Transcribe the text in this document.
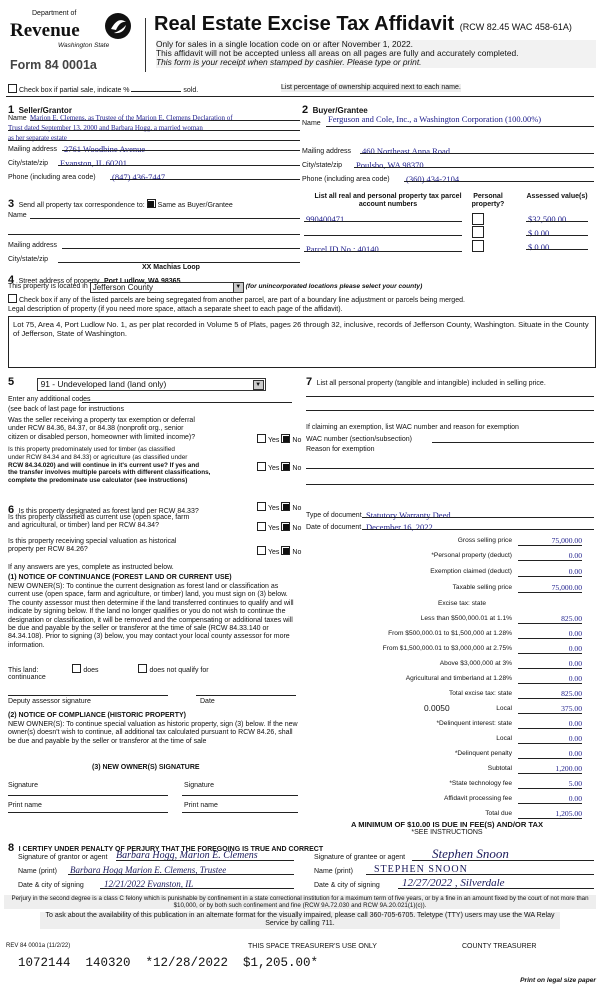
Department of
Revenue
Washington State
Form 84 0001a
Real Estate Excise Tax Affidavit (RCW 82.45 WAC 458-61A)
Only for sales in a single location code on or after November 1, 2022.
This affidavit will not be accepted unless all areas on all pages are fully and accurately completed.
This form is your receipt when stamped by cashier. Please type or print.
Check box if partial sale, indicate %	sold.	List percentage of ownership acquired next to each name.
1 Seller/Grantor
Name Marion E. Clemens, as Trustee of the Marion E. Clemens Declaration of
Trust dated September 13, 2000 and Barbara Hogg, a married woman
as her separate estate
Mailing address 2761 Woodbine Avenue
City/state/zip Evanston, IL 60201
Phone (including area code) (847) 436-7447
2 Buyer/Grantee
Name Ferguson and Cole, Inc., a Washington Corporation (100.00%)
Mailing address 460 Northeast Anna Road
City/state/zip Poulsbo, WA 98370
Phone (including area code) (360) 434-2104
3 Send all property tax correspondence to: Same as Buyer/Grantee
Name
Mailing address
City/state/zip
List all real and personal property tax parcel account numbers
Personal property?
Assessed value(s)
990400471	$32,500.00
$ 0.00
Parcel ID No.: 40140	$ 0.00
XX Machias Loop
4 Street address of property Port Ludlow, WA 98365
This property is located in Jefferson County	▼ (for unincorporated locations please select your county)
Check box if any of the listed parcels are being segregated from another parcel, are part of a boundary line adjustment or parcels being merged.
Legal description of property (if you need more space, attach a separate sheet to each page of the affidavit).
Lot 75, Area 4, Port Ludlow No. 1, as per plat recorded in Volume 5 of Plats, pages 26 through 32, inclusive, records of Jefferson County, Washington. Situate in the County of Jefferson, State of Washington.
5	91 - Undeveloped land (land only)	▼
Enter any additional codes
(see back of last page for instructions
Was the seller receiving a property tax exemption or deferral
under RCW 84.36, 84.37, or 84.38 (nonprofit org., senior
citizen or disabled person, homeowner with limited income)?	Yes No
Is this property predominately used for timber (as classified
under RCW 84.34 and 84.33) or agriculture (as classified under
RCW 84.34.020) and will continue in it's current use? If yes and
the transfer involves multiple parcels with different classifications,
complete the predominate use calculator (see instructions)
Yes No
6 Is this property designated as forest land per RCW 84.33?	Yes No
Is this property classified as current use (open space, farm
and agricultural, or timber) land per RCW 84.34?	Yes No
Is this property receiving special valuation as historical
property per RCW 84.26?	Yes No
If any answers are yes, complete as instructed below.
(1) NOTICE OF CONTINUANCE (FOREST LAND OR CURRENT USE)
NEW OWNER(S): To continue the current designation as forest land or classification as current use (open space, farm and agriculture, or timber) land, you must sign on (3) below. The county assessor must then determine if the land transferred continues to qualify and will indicate by signing below. If the land no longer qualifies or you do not wish to continue the designation or classification, it will be removed and the compensating or additional taxes will be due and payable by the seller or transferor at the time of sale (RCW 84.33.140 or 84.34.108). Prior to signing (3) below, you may contact your local county assessor for more information.
This land:	does	does not qualify for
continuance
Deputy assessor signature	Date
(2) NOTICE OF COMPLIANCE (HISTORIC PROPERTY)
NEW OWNER(S): To continue special valuation as historic property, sign (3) below. If the new owner(s) doesn't wish to continue, all additional tax calculated pursuant to RCW 84.26, shall be due and payable by the seller or transferor at the time of sale
(3) NEW OWNER(S) SIGNATURE
Signature	Signature
Print name	Print name
7 List all personal property (tangible and intangible) included in selling price.
If claiming an exemption, list WAC number and reason for exemption
WAC number (section/subsection)
Reason for exemption
Type of document Statutory Warranty Deed
Date of document December 16, 2022
Gross selling price	75,000.00
*Personal property (deduct)	0.00
Exemption claimed (deduct)	0.00
Taxable selling price	75,000.00
Excise tax: state
Less than $500,000.01 at 1.1%	825.00
From $500,000.01 to $1,500,000 at 1.28%	0.00
From $1,500,000.01 to $3,000,000 at 2.75%	0.00
Above $3,000,000 at 3%	0.00
Agricultural and timberland at 1.28%	0.00
Total excise tax: state	825.00
0.0050	Local	375.00
*Delinquent interest: state	0.00
Local	0.00
*Delinquent penalty	0.00
Subtotal	1,200.00
*State technology fee	5.00
Affidavit processing fee	0.00
Total due	1,205.00
A MINIMUM OF $10.00 IS DUE IN FEE(S) AND/OR TAX
*SEE INSTRUCTIONS
8 I CERTIFY UNDER PENALTY OF PERJURY THAT THE FOREGOING IS TRUE AND CORRECT
Signature of grantor or agent Barbara Hogg, Marion E. Clemens
Name (print) Barbara Hogg Marion E. Clemens, Trustee
Date & city of signing 12/21/2022 Evanston, IL
Signature of grantee or agent Stephen Snoon
Name (print) STEPHEN SNOON
Date & city of signing 12/27/2022 , Silverdale
Perjury in the second degree is a class C felony which is punishable by confinement in a state correctional institution for a maximum term of five years, or by a fine in an amount fixed by the court of not more than $10,000, or by both such confinement and fine (RCW 9A.72.030 and RCW 9A.20.021(1)(c)).
To ask about the availability of this publication in an alternate format for the visually impaired, please call 360-705-6705. Teletype (TTY) users may use the WA Relay Service by calling 711.
REV 84 0001a (11/2/22)	THIS SPACE TREASURER'S USE ONLY	COUNTY TREASURER
1072144  140320  *12/28/2022  $1,205.00*
Print on legal size paper
